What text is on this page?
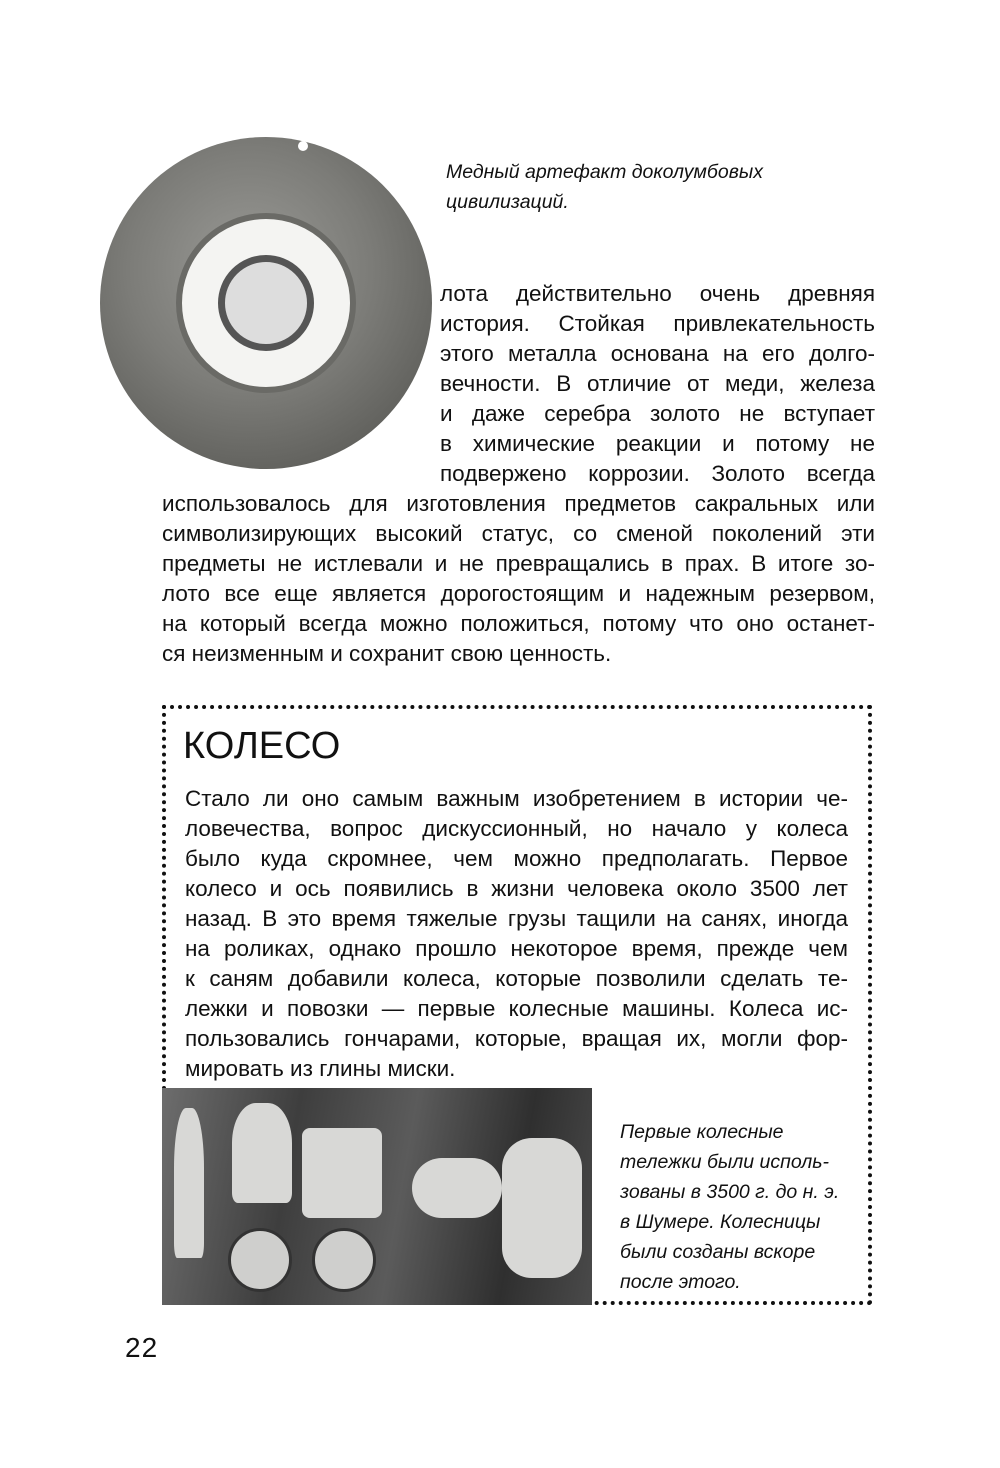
Медный артефакт доколумбовых
цивилизаций.
лота действительно очень древняя
история. Стойкая привлекательность
этого металла основана на его долго-
вечности. В отличие от меди, железа
и даже серебра золото не вступает
в химические реакции и потому не
подвержено коррозии. Золото всегда
использовалось для изготовления предметов сакральных или
символизирующих высокий статус, со сменой поколений эти
предметы не истлевали и не превращались в прах. В итоге зо-
лото все еще является дорогостоящим и надежным резервом,
на который всегда можно положиться, потому что оно останет-
ся неизменным и сохранит свою ценность.
КОЛЕСО
Стало ли оно самым важным изобретением в истории че-
ловечества, вопрос дискуссионный, но начало у колеса
было куда скромнее, чем можно предполагать. Первое
колесо и ось появились в жизни человека около 3500 лет
назад. В это время тяжелые грузы тащили на санях, иногда
на роликах, однако прошло некоторое время, прежде чем
к саням добавили колеса, которые позволили сделать те-
лежки и повозки — первые колесные машины. Колеса ис-
пользовались гончарами, которые, вращая их, могли фор-
мировать из глины миски.
Первые колесные
тележки были исполь-
зованы в 3500 г. до н. э.
в Шумере. Колесницы
были созданы вскоре
после этого.
22
